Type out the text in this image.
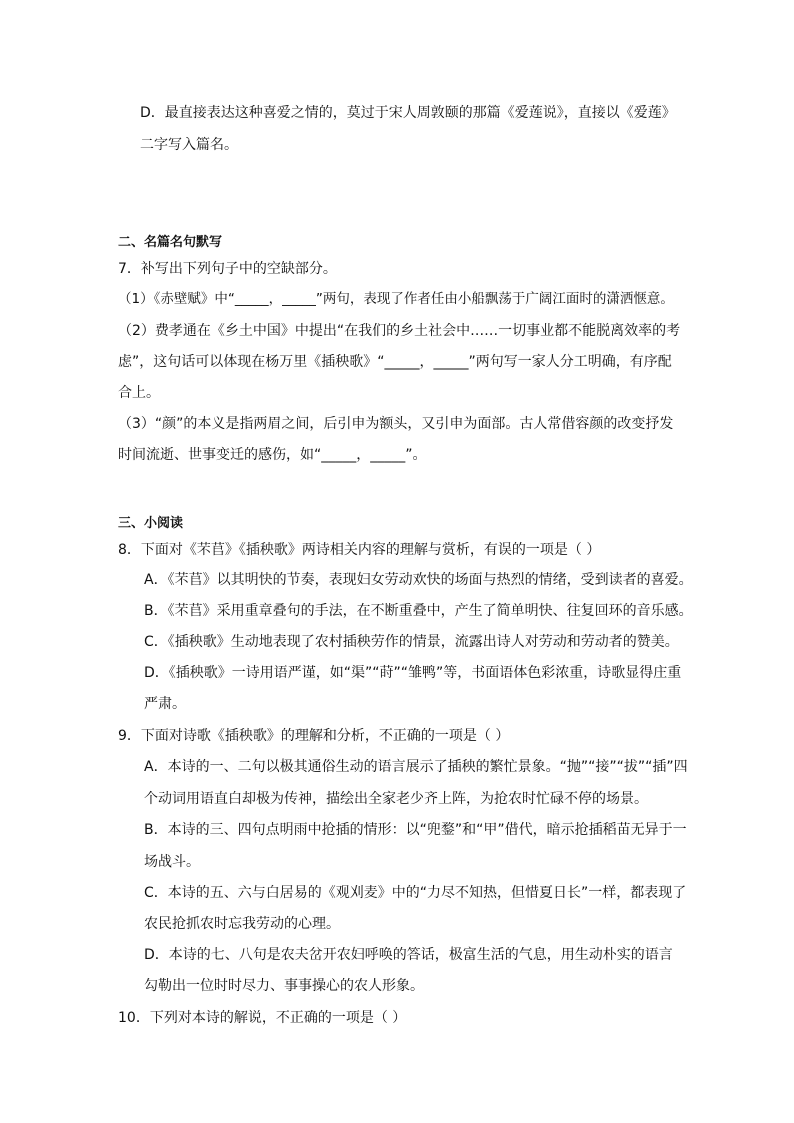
D．最直接表达这种喜爱之情的，莫过于宋人周敦颐的那篇《爱莲说》，直接以《爱莲》
二字写入篇名。
二、名篇名句默写
7．补写出下列句子中的空缺部分。
（1）《赤壁赋》中“_____，_____”两句，表现了作者任由小船飘荡于广阔江面时的潇洒惬意。
（2）费孝通在《乡土中国》中提出“在我们的乡土社会中……一切事业都不能脱离效率的考
虑”，这句话可以体现在杨万里《插秧歌》“_____，_____”两句写一家人分工明确，有序配
合上。
（3）“颜”的本义是指两眉之间，后引申为额头，又引申为面部。古人常借容颜的改变抒发
时间流逝、世事变迁的感伤，如“_____，_____”。
三、小阅读
8．下面对《芣苢》《插秧歌》两诗相关内容的理解与赏析，有误的一项是（ ）
A．《芣苢》以其明快的节奏，表现妇女劳动欢快的场面与热烈的情绪，受到读者的喜爱。
B．《芣苢》采用重章叠句的手法，在不断重叠中，产生了简单明快、往复回环的音乐感。
C．《插秧歌》生动地表现了农村插秧劳作的情景，流露出诗人对劳动和劳动者的赞美。
D．《插秧歌》一诗用语严谨，如“渠”“莳”“雏鸭”等，书面语体色彩浓重，诗歌显得庄重
严肃。
9．下面对诗歌《插秧歌》的理解和分析，不正确的一项是（ ）
A．本诗的一、二句以极其通俗生动的语言展示了插秧的繁忙景象。“抛”“接”“拔”“插”四
个动词用语直白却极为传神，描绘出全家老少齐上阵，为抢农时忙碌不停的场景。
B．本诗的三、四句点明雨中抢插的情形：以“兜鍪”和“甲”借代，暗示抢插稻苗无异于一
场战斗。
C．本诗的五、六与白居易的《观刈麦》中的“力尽不知热，但惜夏日长”一样，都表现了
农民抢抓农时忘我劳动的心理。
D．本诗的七、八句是农夫岔开农妇呼唤的答话，极富生活的气息，用生动朴实的语言
勾勒出一位时时尽力、事事操心的农人形象。
10．下列对本诗的解说，不正确的一项是（ ）
